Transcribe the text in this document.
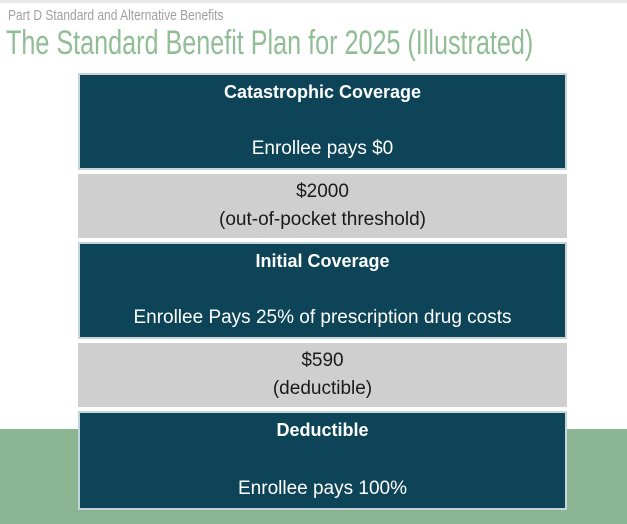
Part D Standard and Alternative Benefits
The Standard Benefit Plan for 2025 (Illustrated)
Catastrophic Coverage
Enrollee pays $0
$2000
(out-of-pocket threshold)
Initial Coverage
Enrollee Pays 25% of prescription drug costs
$590
(deductible)
Deductible
Enrollee pays 100%
